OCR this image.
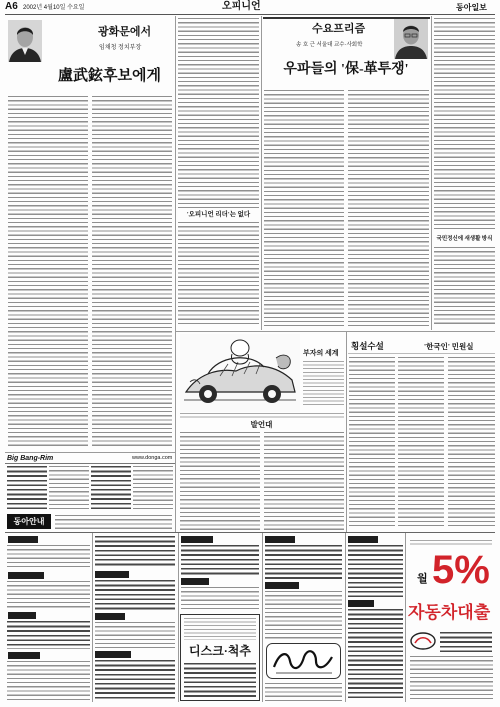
A6 2002년 4월10일 수요일	오피니언	동아일보
광화문에서
임채청 정치부장
盧武鉉후보에게
'오피니언 리더'는 없다
수요프리즘
송 호 근 서울대 교수·사회학
우파들의 '保-革투쟁'
국민정신에 새생활 방식
부자의 세계
발언대
횡설수설	'한국인' 민원실
Big Bang-Rim	www.donga.com
동아안내
디스크·척추
월 5%
자동차대출
